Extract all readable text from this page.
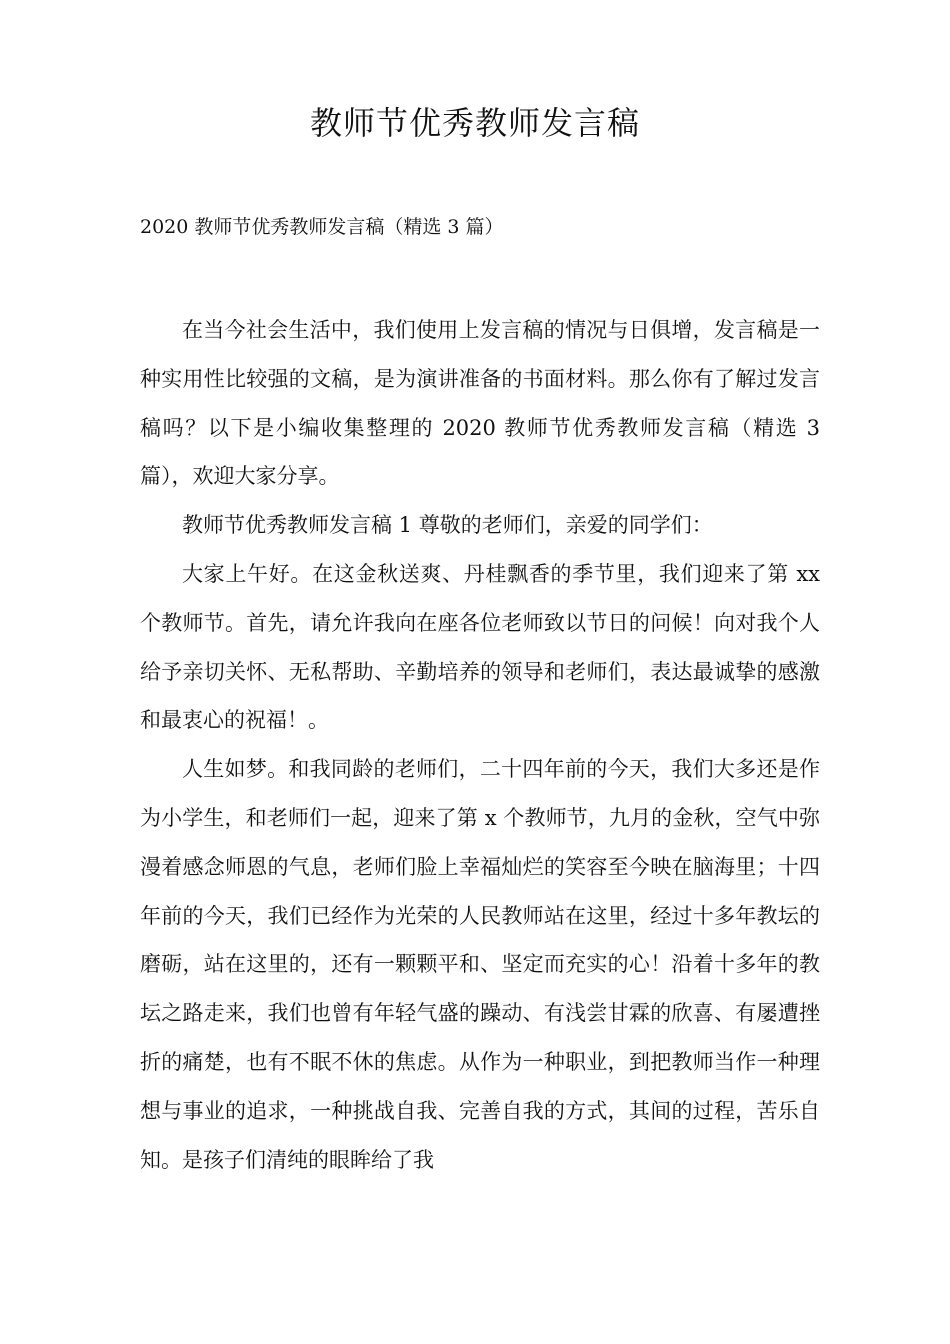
教师节优秀教师发言稿

2020 教师节优秀教师发言稿（精选 3 篇）

在当今社会生活中，我们使用上发言稿的情况与日俱增，发言稿是一种实用性比较强的文稿，是为演讲准备的书面材料。那么你有了解过发言稿吗？以下是小编收集整理的 2020 教师节优秀教师发言稿（精选 3 篇），欢迎大家分享。

教师节优秀教师发言稿 1 尊敬的老师们，亲爱的同学们：

大家上午好。在这金秋送爽、丹桂飘香的季节里，我们迎来了第 xx 个教师节。首先，请允许我向在座各位老师致以节日的问候！向对我个人给予亲切关怀、无私帮助、辛勤培养的领导和老师们，表达最诚挚的感激和最衷心的祝福！。

人生如梦。和我同龄的老师们，二十四年前的今天，我们大多还是作为小学生，和老师们一起，迎来了第 x 个教师节，九月的金秋，空气中弥漫着感念师恩的气息，老师们脸上幸福灿烂的笑容至今映在脑海里；十四年前的今天，我们已经作为光荣的人民教师站在这里，经过十多年教坛的磨砺，站在这里的，还有一颗颗平和、坚定而充实的心！沿着十多年的教坛之路走来，我们也曾有年轻气盛的躁动、有浅尝甘霖的欣喜、有屡遭挫折的痛楚，也有不眠不休的焦虑。从作为一种职业，到把教师当作一种理想与事业的追求，一种挑战自我、完善自我的方式，其间的过程，苦乐自知。是孩子们清纯的眼眸给了我
